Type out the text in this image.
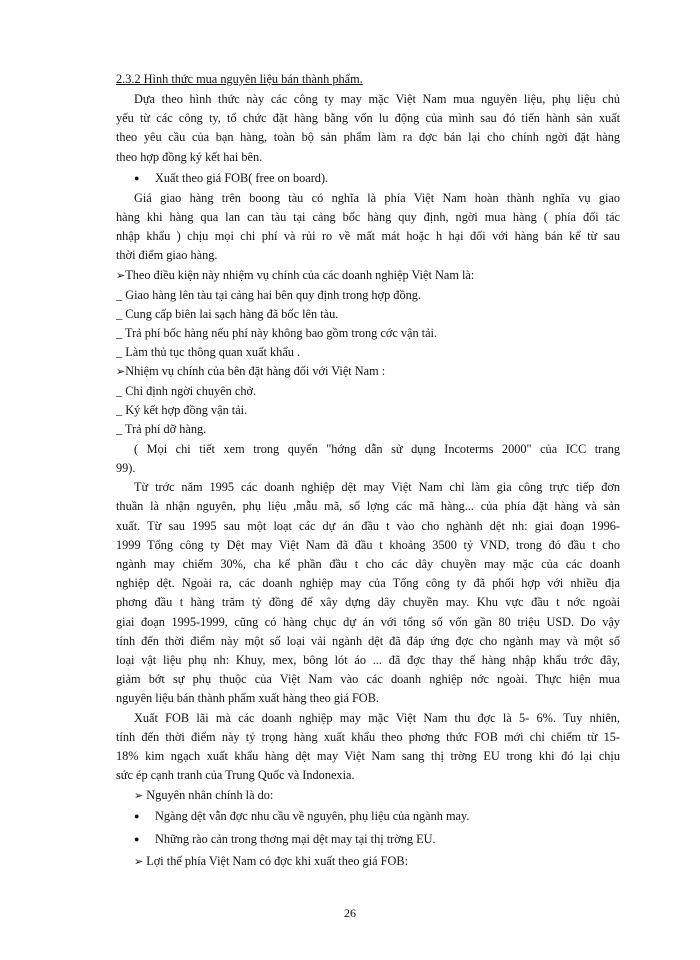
2.3.2 Hình thức mua nguyên liệu bán thành phẩm.
Dựa theo hình thức này các công ty may mặc Việt Nam mua nguyên liệu, phụ liệu chủ
yếu từ các công ty, tổ chức đặt hàng bằng vốn lu động của mình sau đó tiến hành sản xuất
theo yêu cầu của bạn hàng, toàn bộ sản phẩm làm ra đợc bán lại cho chính ngời đặt hàng
theo hợp đồng ký kết hai bên.
● Xuất theo giá FOB( free on board).
Giá giao hàng trên boong tàu có nghĩa là phía Việt Nam hoàn thành nghĩa vụ giao
hàng khi hàng qua lan can tàu tại cảng bốc hàng quy định, ngời mua hàng ( phía đối tác
nhập khẩu ) chịu mọi chi phí và rủi ro về mất mát hoặc h hại đối với hàng bán kể từ sau
thời điểm giao hàng.
➢Theo điều kiện này nhiệm vụ chính của các doanh nghiệp Việt Nam là:
_ Giao hàng lên tàu tại cảng hai bên quy định trong hợp đồng.
_ Cung cấp biên lai sạch hàng đã bốc lên tàu.
_ Trả phí bốc hàng nếu phí này không bao gồm trong cớc vận tải.
_ Làm thủ tục thông quan xuất khẩu .
➢Nhiệm vụ chính của bên đặt hàng đối với Việt Nam :
_ Chỉ định ngời chuyên chở.
_ Ký kết hợp đồng vận tải.
_ Trả phí dỡ hàng.
( Mọi chi tiết xem trong quyển "hớng dẫn sử dụng Incoterms 2000" của ICC trang
99).
Từ trớc năm 1995 các doanh nghiệp dệt may Việt Nam chỉ làm gia công trực tiếp đơn
thuần là nhận nguyên, phụ liệu ,mẫu mã, số lợng các mã hàng... của phía đặt hàng và sản
xuất. Từ sau 1995 sau một loạt các dự án đầu t vào cho nghành dệt nh: giai đoạn 1996-
1999 Tổng công ty Dệt may Việt Nam đã đầu t khoảng 3500 tỷ VND, trong đó đầu t cho
ngành may chiếm 30%, cha kể phần đầu t cho các dây chuyền may mặc của các doanh
nghiệp dệt. Ngoài ra, các doanh nghiệp may của Tổng công ty đã phối hợp với nhiều địa
phơng đầu t hàng trăm tỷ đồng để xây dựng dây chuyền may. Khu vực đầu t nớc ngoài
giai đoạn 1995-1999, cũng có hàng chục dự án với tổng số vốn gần 80 triệu USD. Do vậy
tính đến thời điểm này một số loại vải ngành dệt đã đáp ứng đợc cho ngành may và một số
loại vật liệu phụ nh: Khuy, mex, bông lót áo ... đã đợc thay thế hàng nhập khẩu trớc đây,
giảm bớt sự phụ thuộc của Việt Nam vào các doanh nghiệp nớc ngoài. Thực hiện mua
nguyên liệu bán thành phẩm xuất hàng theo giá FOB.
Xuất FOB lãi mà các doanh nghiệp may mặc Việt Nam thu đợc là 5- 6%. Tuy nhiên,
tính đến thời điểm này tỷ trọng hàng xuất khẩu theo phơng thức FOB mới chỉ chiếm từ 15-
18% kim ngạch xuất khẩu hàng dệt may Việt Nam sang thị trờng EU trong khi đó lại chịu
sức ép cạnh tranh của Trung Quốc và Indonexia.
➢ Nguyên nhân chính là do:
● Ngàng dệt vẫn đợc nhu cầu về nguyên, phụ liệu của ngành may.
● Những rào cản trong thơng mại dệt may tại thị trờng EU.
➢ Lợi thế phía Việt Nam có đợc khi xuất theo giá FOB:
26
